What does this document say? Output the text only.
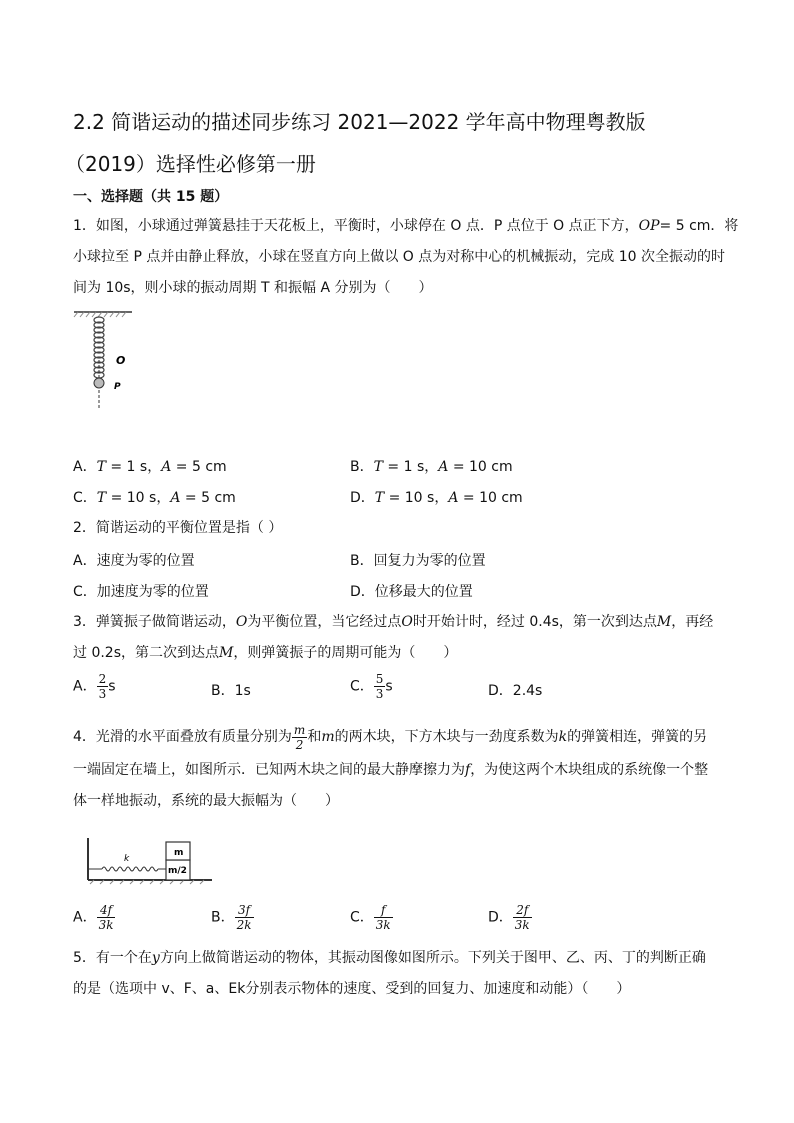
2.2 简谐运动的描述同步练习 2021—2022 学年高中物理粤教版
（2019）选择性必修第一册
一、选择题（共 15 题）
1．如图，小球通过弹簧悬挂于天花板上，平衡时，小球停在 O 点．P 点位于 O 点正下方，OP= 5 cm．将
小球拉至 P 点并由静止释放，小球在竖直方向上做以 O 点为对称中心的机械振动，完成 10 次全振动的时
间为 10s，则小球的振动周期 T 和振幅 A 分别为（　　）
O
P
A．T = 1 s，A = 5 cm	B．T = 1 s，A = 10 cm
C．T = 10 s，A = 5 cm	D．T = 10 s，A = 10 cm
2．简谐运动的平衡位置是指（ ）
A．速度为零的位置	B．回复力为零的位置
C．加速度为零的位置	D．位移最大的位置
3．弹簧振子做简谐运动，O为平衡位置，当它经过点O时开始计时，经过 0.4s，第一次到达点M，再经
过 0.2s，第二次到达点M，则弹簧振子的周期可能为（　　）
A． $\frac{2}{3}$ s	B．1s	C． $\frac{5}{3}$ s	D．2.4s
4．光滑的水平面叠放有质量分别为 $\frac{m}{2}$ 和m的两木块，下方木块与一劲度系数为k的弹簧相连，弹簧的另
一端固定在墙上，如图所示．已知两木块之间的最大静摩擦力为f，为使这两个木块组成的系统像一个整
体一样地振动，系统的最大振幅为（　　）
k
m
m/2
A． $\frac{4f}{3k}$	B． $\frac{3f}{2k}$	C． $\frac{f}{3k}$	D． $\frac{2f}{3k}$
5．有一个在y方向上做简谐运动的物体，其振动图像如图所示。下列关于图甲、乙、丙、丁的判断正确
的是（选项中 v、F、a、Ek分别表示物体的速度、受到的回复力、加速度和动能）（　　）
